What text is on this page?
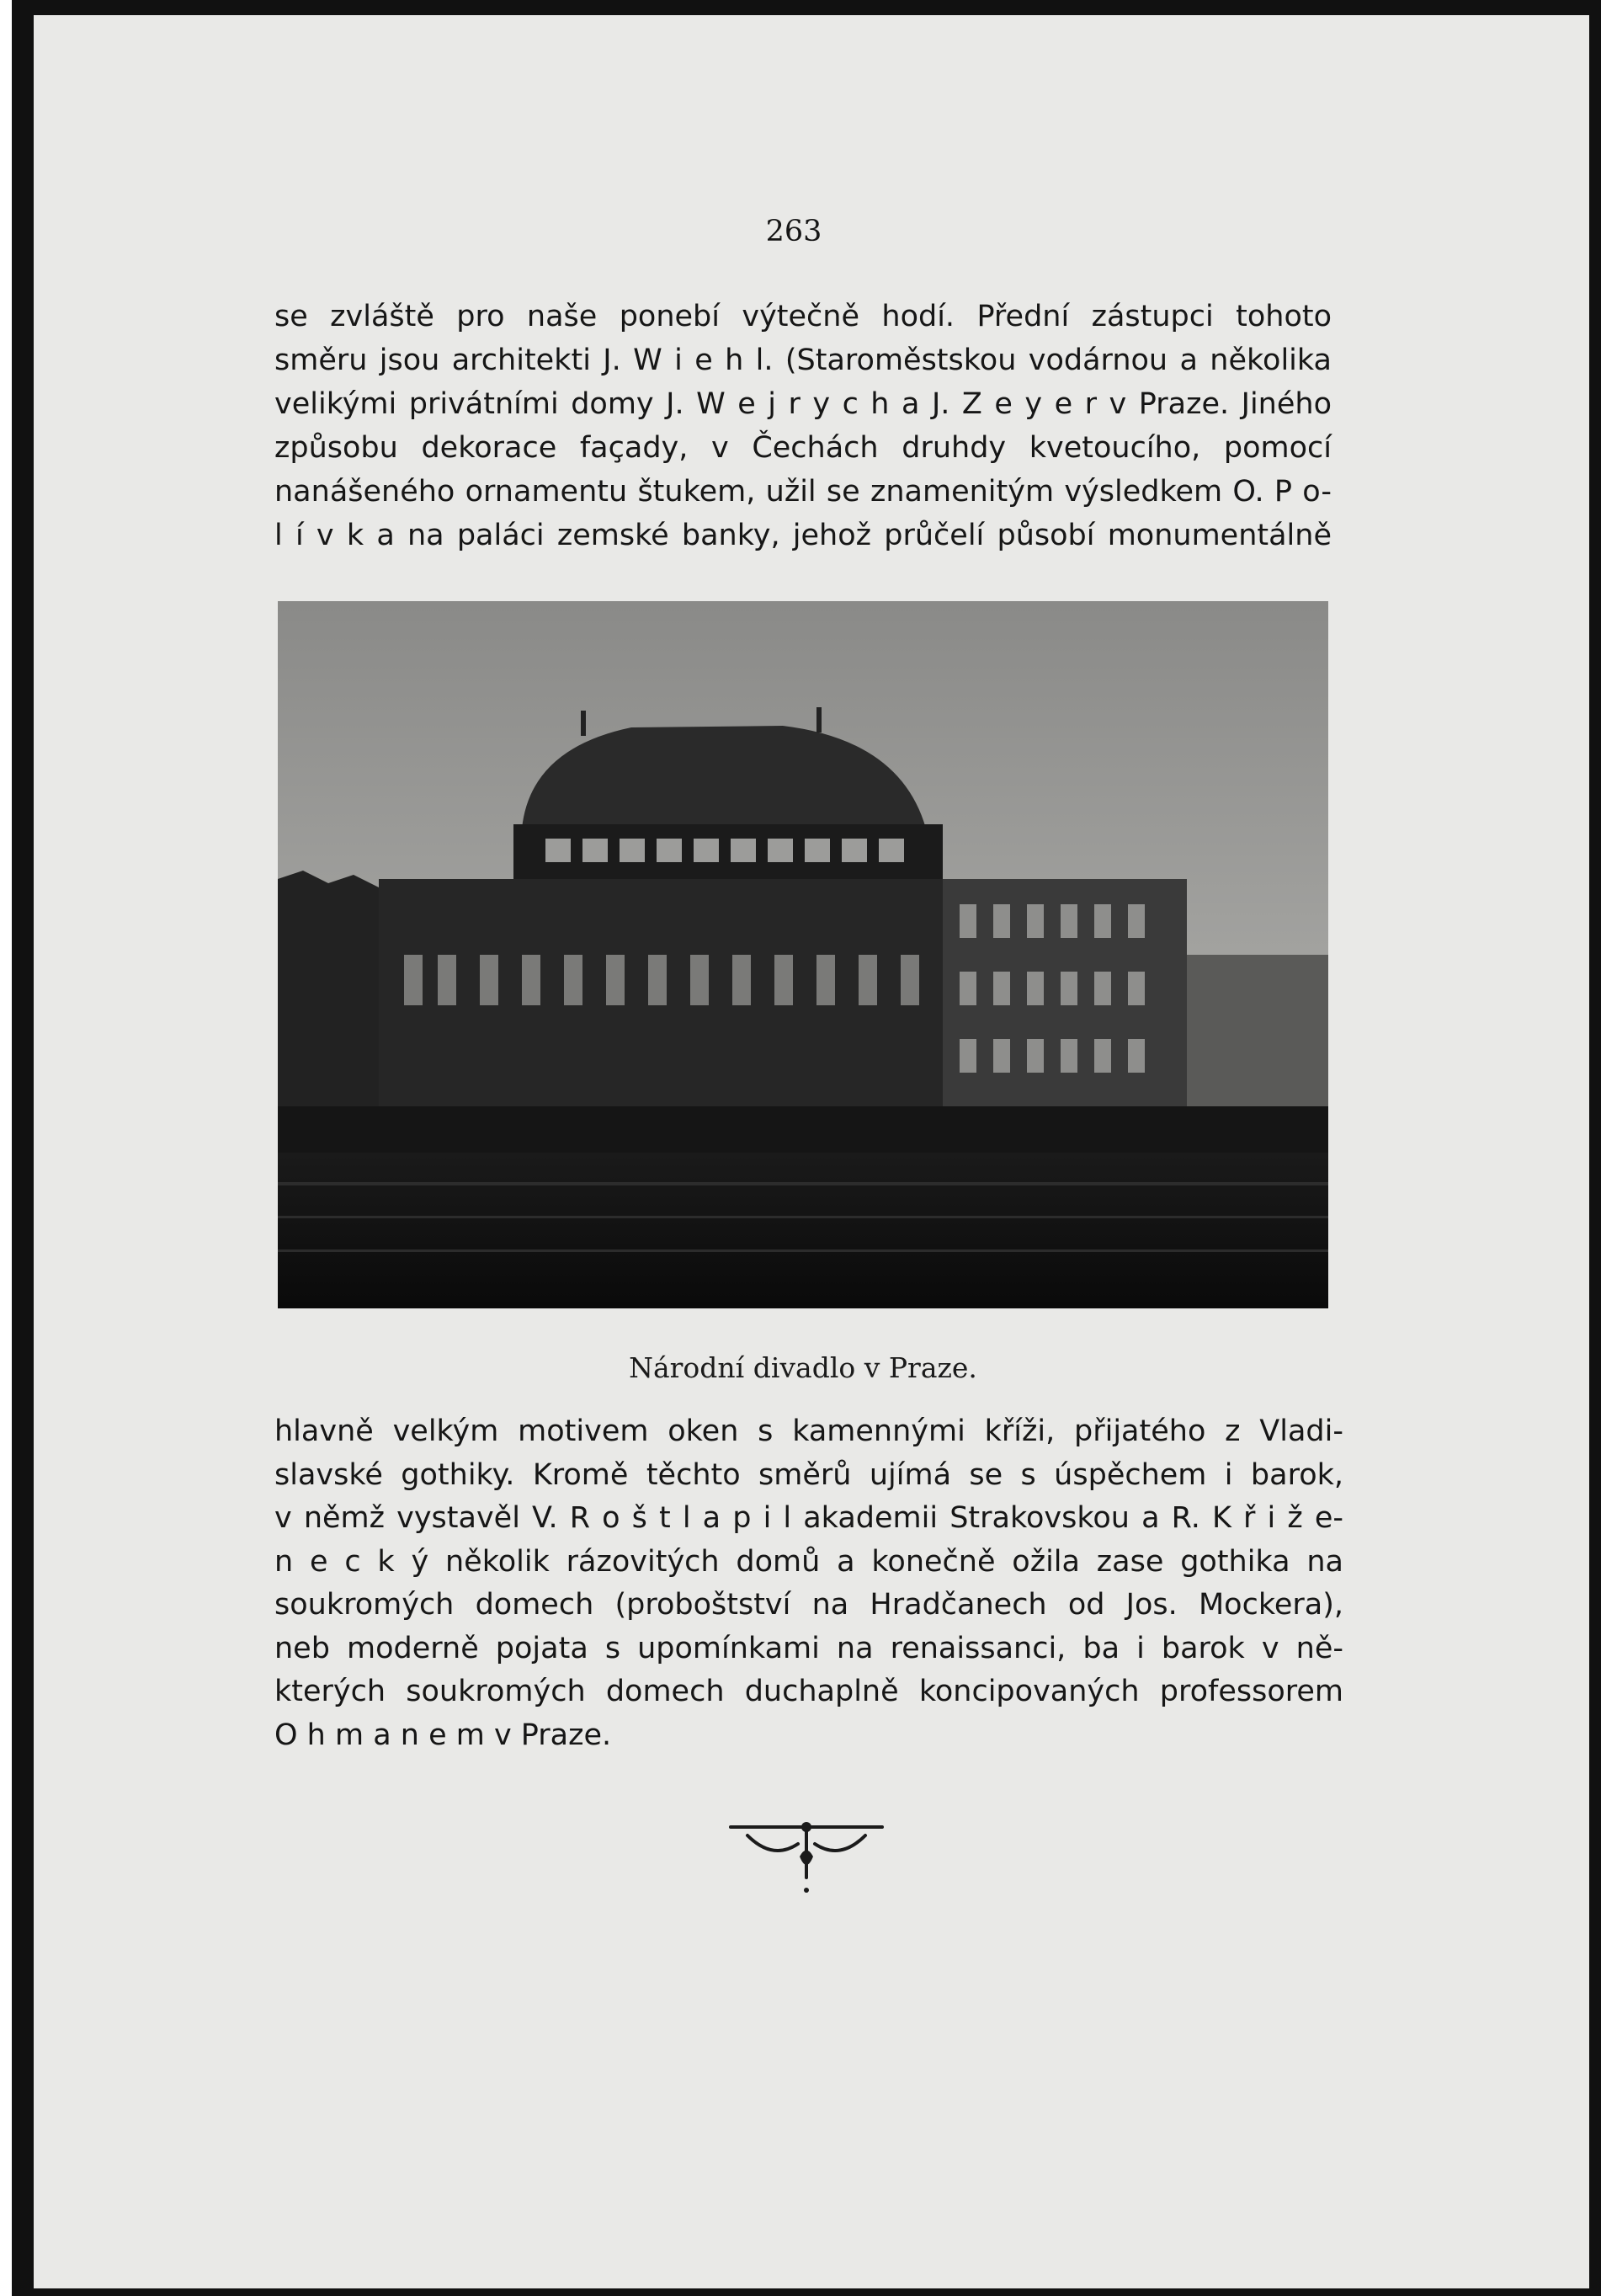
263
se zvláště pro naše ponebí výtečně hodí. Přední zástupci tohoto
směru jsou architekti J. W i e h l. (Staroměstskou vodárnou a několika
velikými privátními domy J. W e j r y c h a J. Z e y e r v Praze. Jiného
způsobu dekorace façady, v Čechách druhdy kvetoucího, pomocí
nanášeného ornamentu štukem, užil se znamenitým výsledkem O. P o-
l í v k a na paláci zemské banky, jehož průčelí působí monumentálně
Národní divadlo v Praze.
hlavně velkým motivem oken s kamennými kříži, přijatého z Vladi-
slavské gothiky. Kromě těchto směrů ujímá se s úspěchem i barok,
v němž vystavěl V. R o š t l a p i l akademii Strakovskou a R. K ř i ž e-
n e c k ý několik rázovitých domů a konečně ožila zase gothika na
soukromých domech (proboštství na Hradčanech od Jos. Mockera),
neb moderně pojata s upomínkami na renaissanci, ba i barok v ně-
kterých soukromých domech duchaplně koncipovaných professorem
O h m a n e m v Praze.
